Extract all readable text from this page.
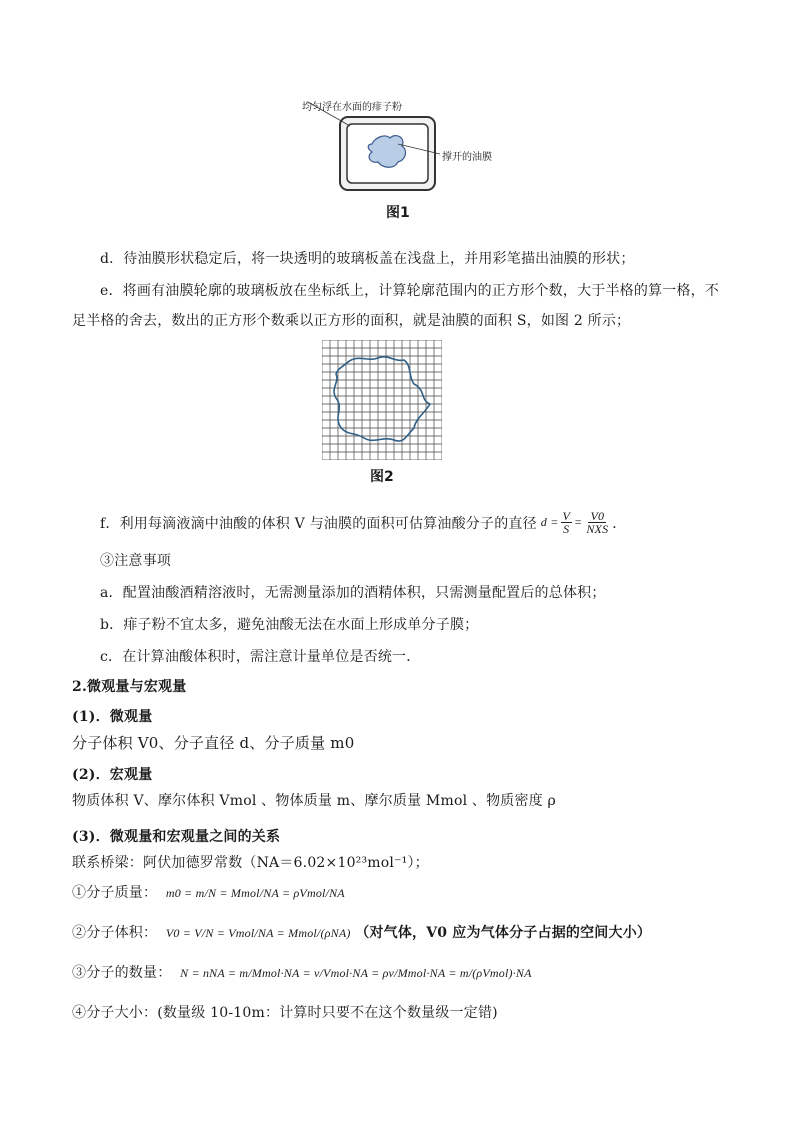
均匀浮在水面的痱子粉
撑开的油膜
图1
d．待油膜形状稳定后，将一块透明的玻璃板盖在浅盘上，并用彩笔描出油膜的形状；
e．将画有油膜轮廓的玻璃板放在坐标纸上，计算轮廓范围内的正方形个数，大于半格的算一格，不
足半格的舍去，数出的正方形个数乘以正方形的面积，就是油膜的面积 S，如图 2 所示；
图2
f．利用每滴液滴中油酸的体积 V 与油膜的面积可估算油酸分子的直径 $d = \frac{V}{S} = \frac{V0}{\text{NXS}}$ ．
③注意事项
a．配置油酸酒精溶液时，无需测量添加的酒精体积，只需测量配置后的总体积；
b．痱子粉不宜太多，避免油酸无法在水面上形成单分子膜；
c．在计算油酸体积时，需注意计量单位是否统一．
2.微观量与宏观量
(1)．微观量
分子体积 V0、分子直径 d、分子质量 m0
(2)．宏观量
物质体积 V、摩尔体积 Vmol 、物体质量 m、摩尔质量 Mmol 、物质密度 ρ
(3)．微观量和宏观量之间的关系
联系桥梁：阿伏加德罗常数（NA＝6.02×10²³mol⁻¹）；
①分子质量： m0 = m/N = Mmol/NA = ρVmol/NA
②分子体积： V0 = V/N = Vmol/NA = Mmol/(ρNA) （对气体，V0 应为气体分子占据的空间大小）
③分子的数量： N = nNA = m/Mmol·NA = v/Vmol·NA = ρv/Mmol·NA = m/(ρVmol)·NA
④分子大小：(数量级 10-10m：计算时只要不在这个数量级一定错)
